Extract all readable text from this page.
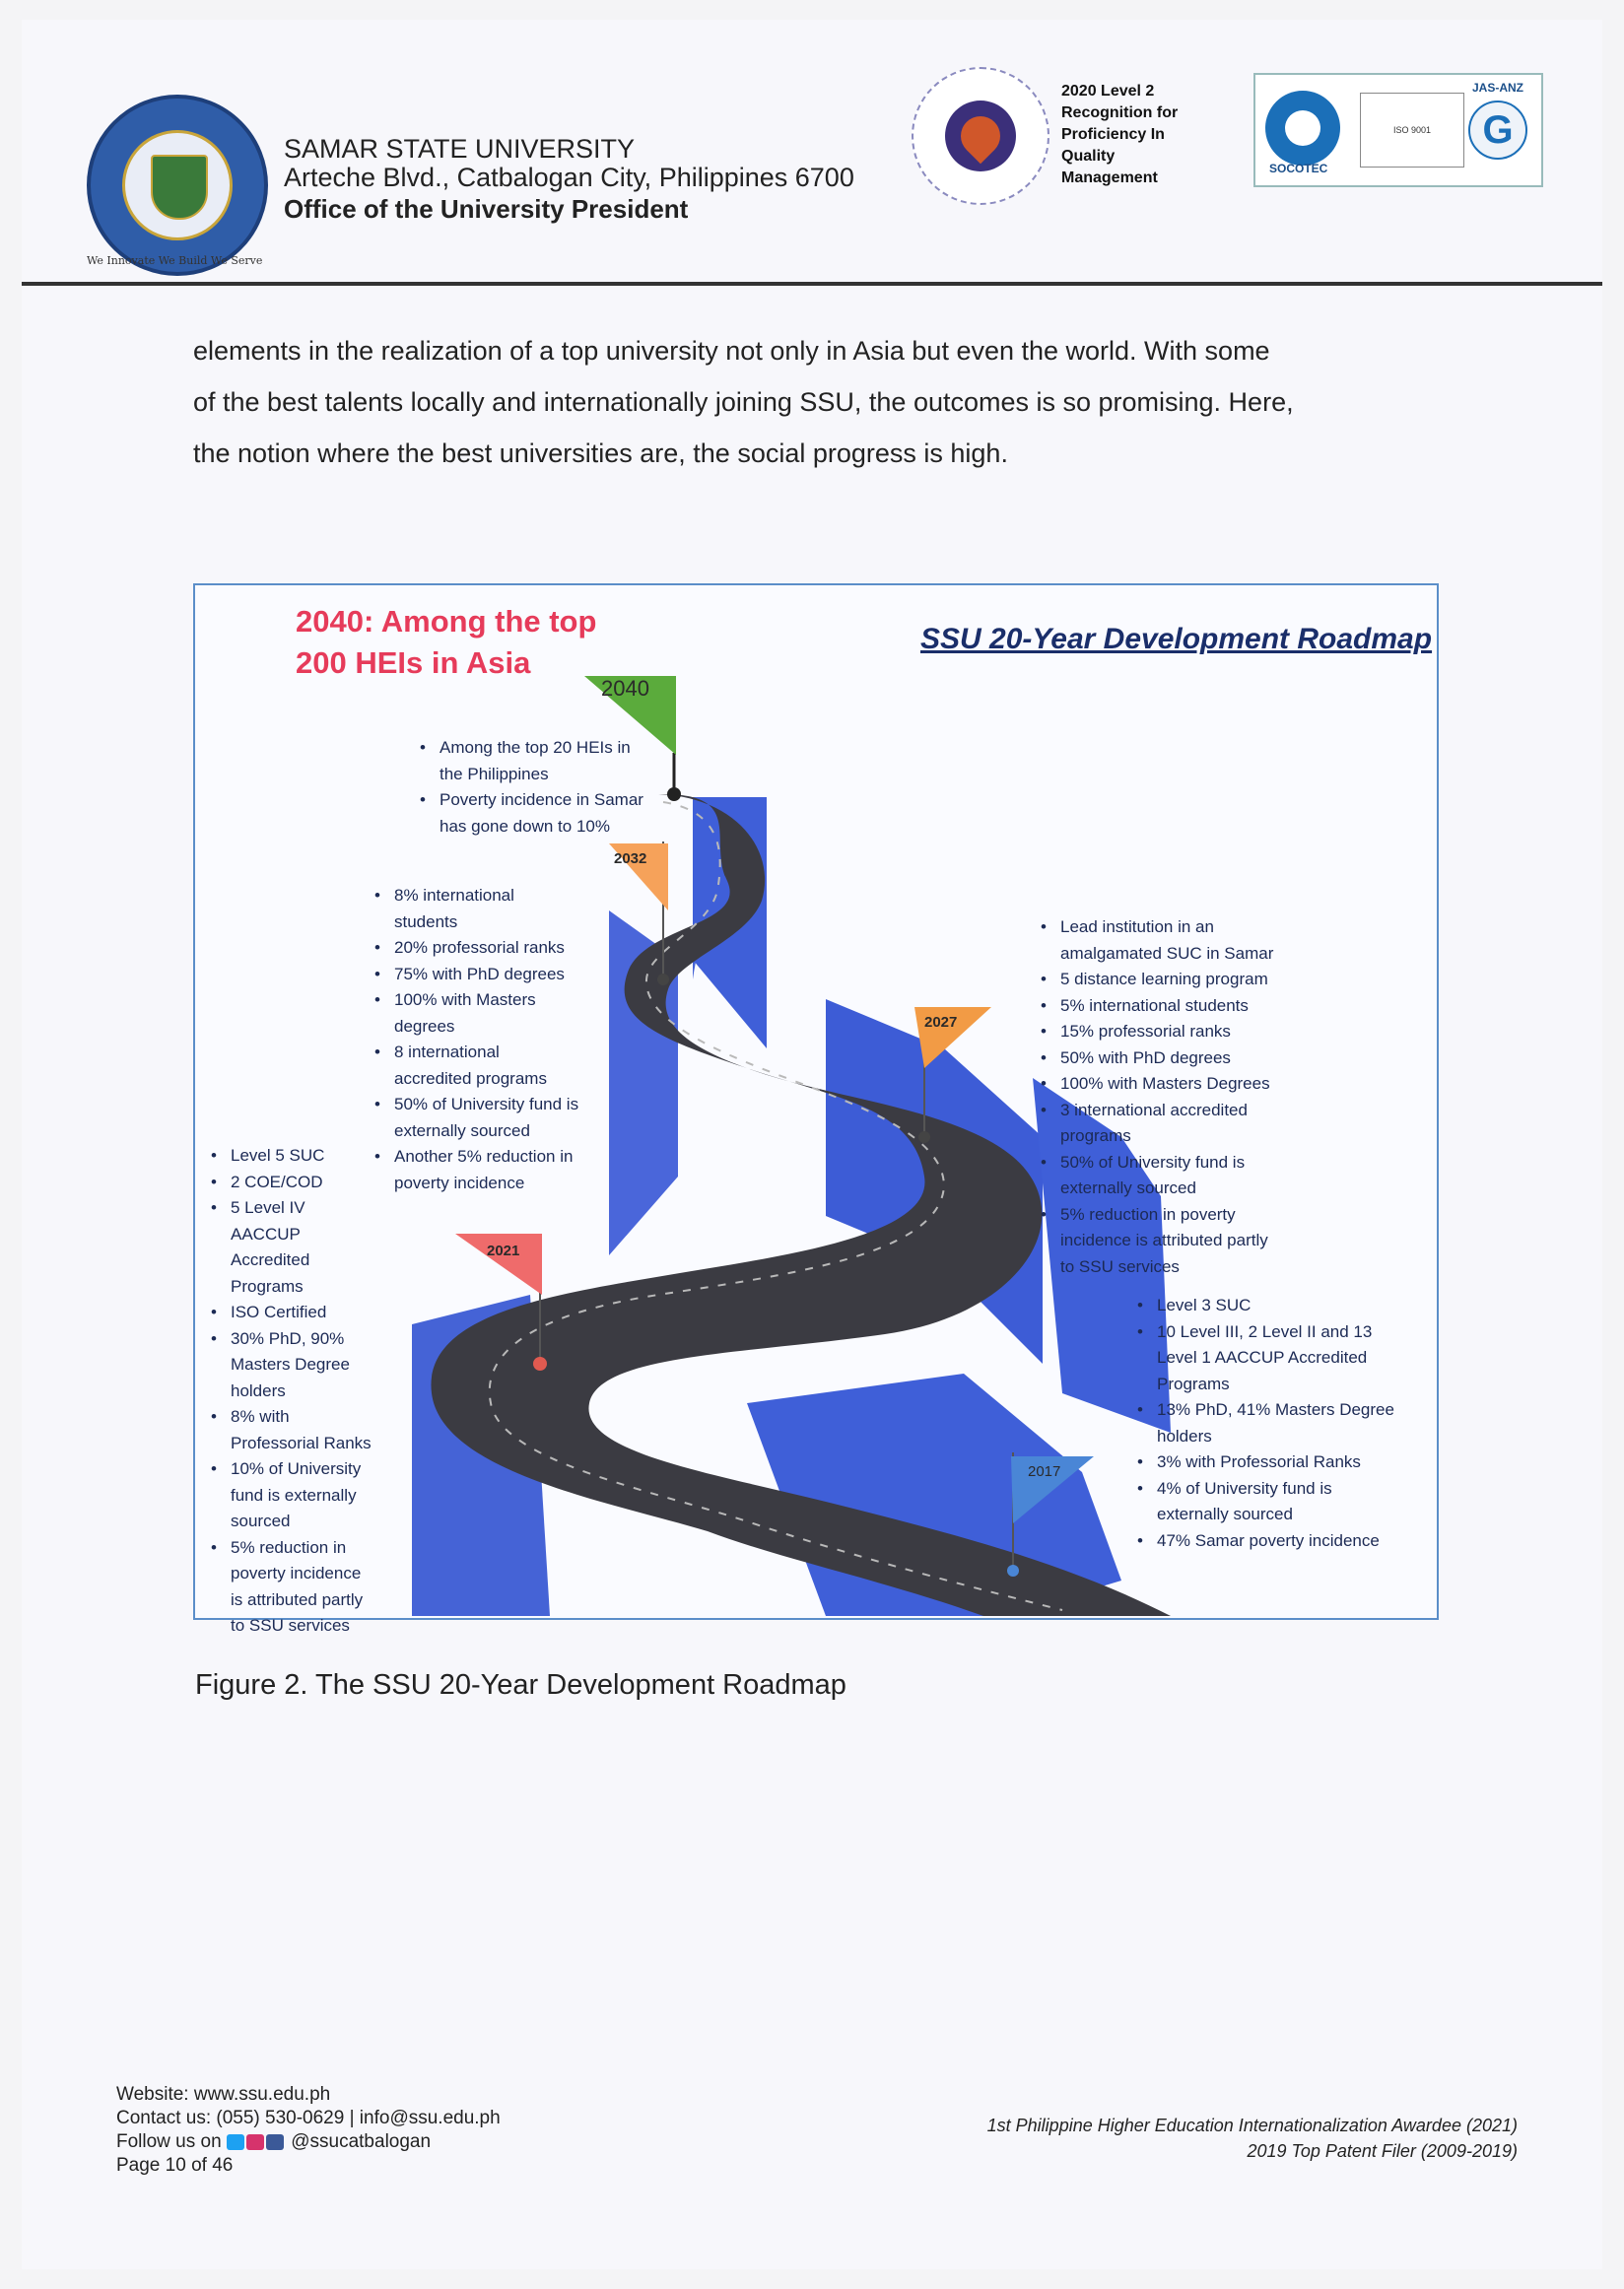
We Innovate We Build We Serve
SAMAR STATE UNIVERSITY
Arteche Blvd., Catbalogan City, Philippines 6700
Office of the University President
2020 Level 2 Recognition for Proficiency In Quality Management
SOCOTEC
ISO 9001
JAS-ANZ
G
elements in the realization of a top university not only in Asia but even the world. With some
of the best talents locally and internationally joining SSU, the outcomes is so promising. Here,
the notion where the best universities are, the social progress is high.
2040
2032
2027
2021
2017
2040: Among the top
200 HEIs in Asia
SSU 20-Year Development Roadmap
• Among the top 20 HEIs in the Philippines
• Poverty incidence in Samar has gone down to 10%
• 8% international students
• 20% professorial ranks
• 75% with PhD degrees
• 100% with Masters degrees
• 8 international accredited programs
• 50% of University fund is externally sourced
• Another 5% reduction in poverty incidence
• Lead institution in an amalgamated SUC in Samar
• 5 distance learning program
• 5% international students
• 15% professorial ranks
• 50% with PhD degrees
• 100% with Masters Degrees
• 3 international accredited programs
• 50% of University fund is externally sourced
• 5% reduction in poverty incidence is attributed partly to SSU services
• Level 5 SUC
• 2 COE/COD
• 5 Level IV AACCUP Accredited Programs
• ISO Certified
• 30% PhD, 90% Masters Degree holders
• 8% with Professorial Ranks
• 10% of University fund is externally sourced
• 5% reduction in poverty incidence is attributed partly to SSU services
• Level 3 SUC
• 10 Level III, 2 Level II and 13 Level 1 AACCUP Accredited Programs
• 13% PhD, 41% Masters Degree holders
• 3% with Professorial Ranks
• 4% of University fund is externally sourced
• 47% Samar poverty incidence
Figure 2. The SSU 20-Year Development Roadmap
Website: www.ssu.edu.ph
Contact us: (055) 530-0629 | info@ssu.edu.ph
Follow us on	@ssucatbalogan
Page 10 of 46
1st Philippine Higher Education Internationalization Awardee (2021)
2019 Top Patent Filer (2009-2019)
